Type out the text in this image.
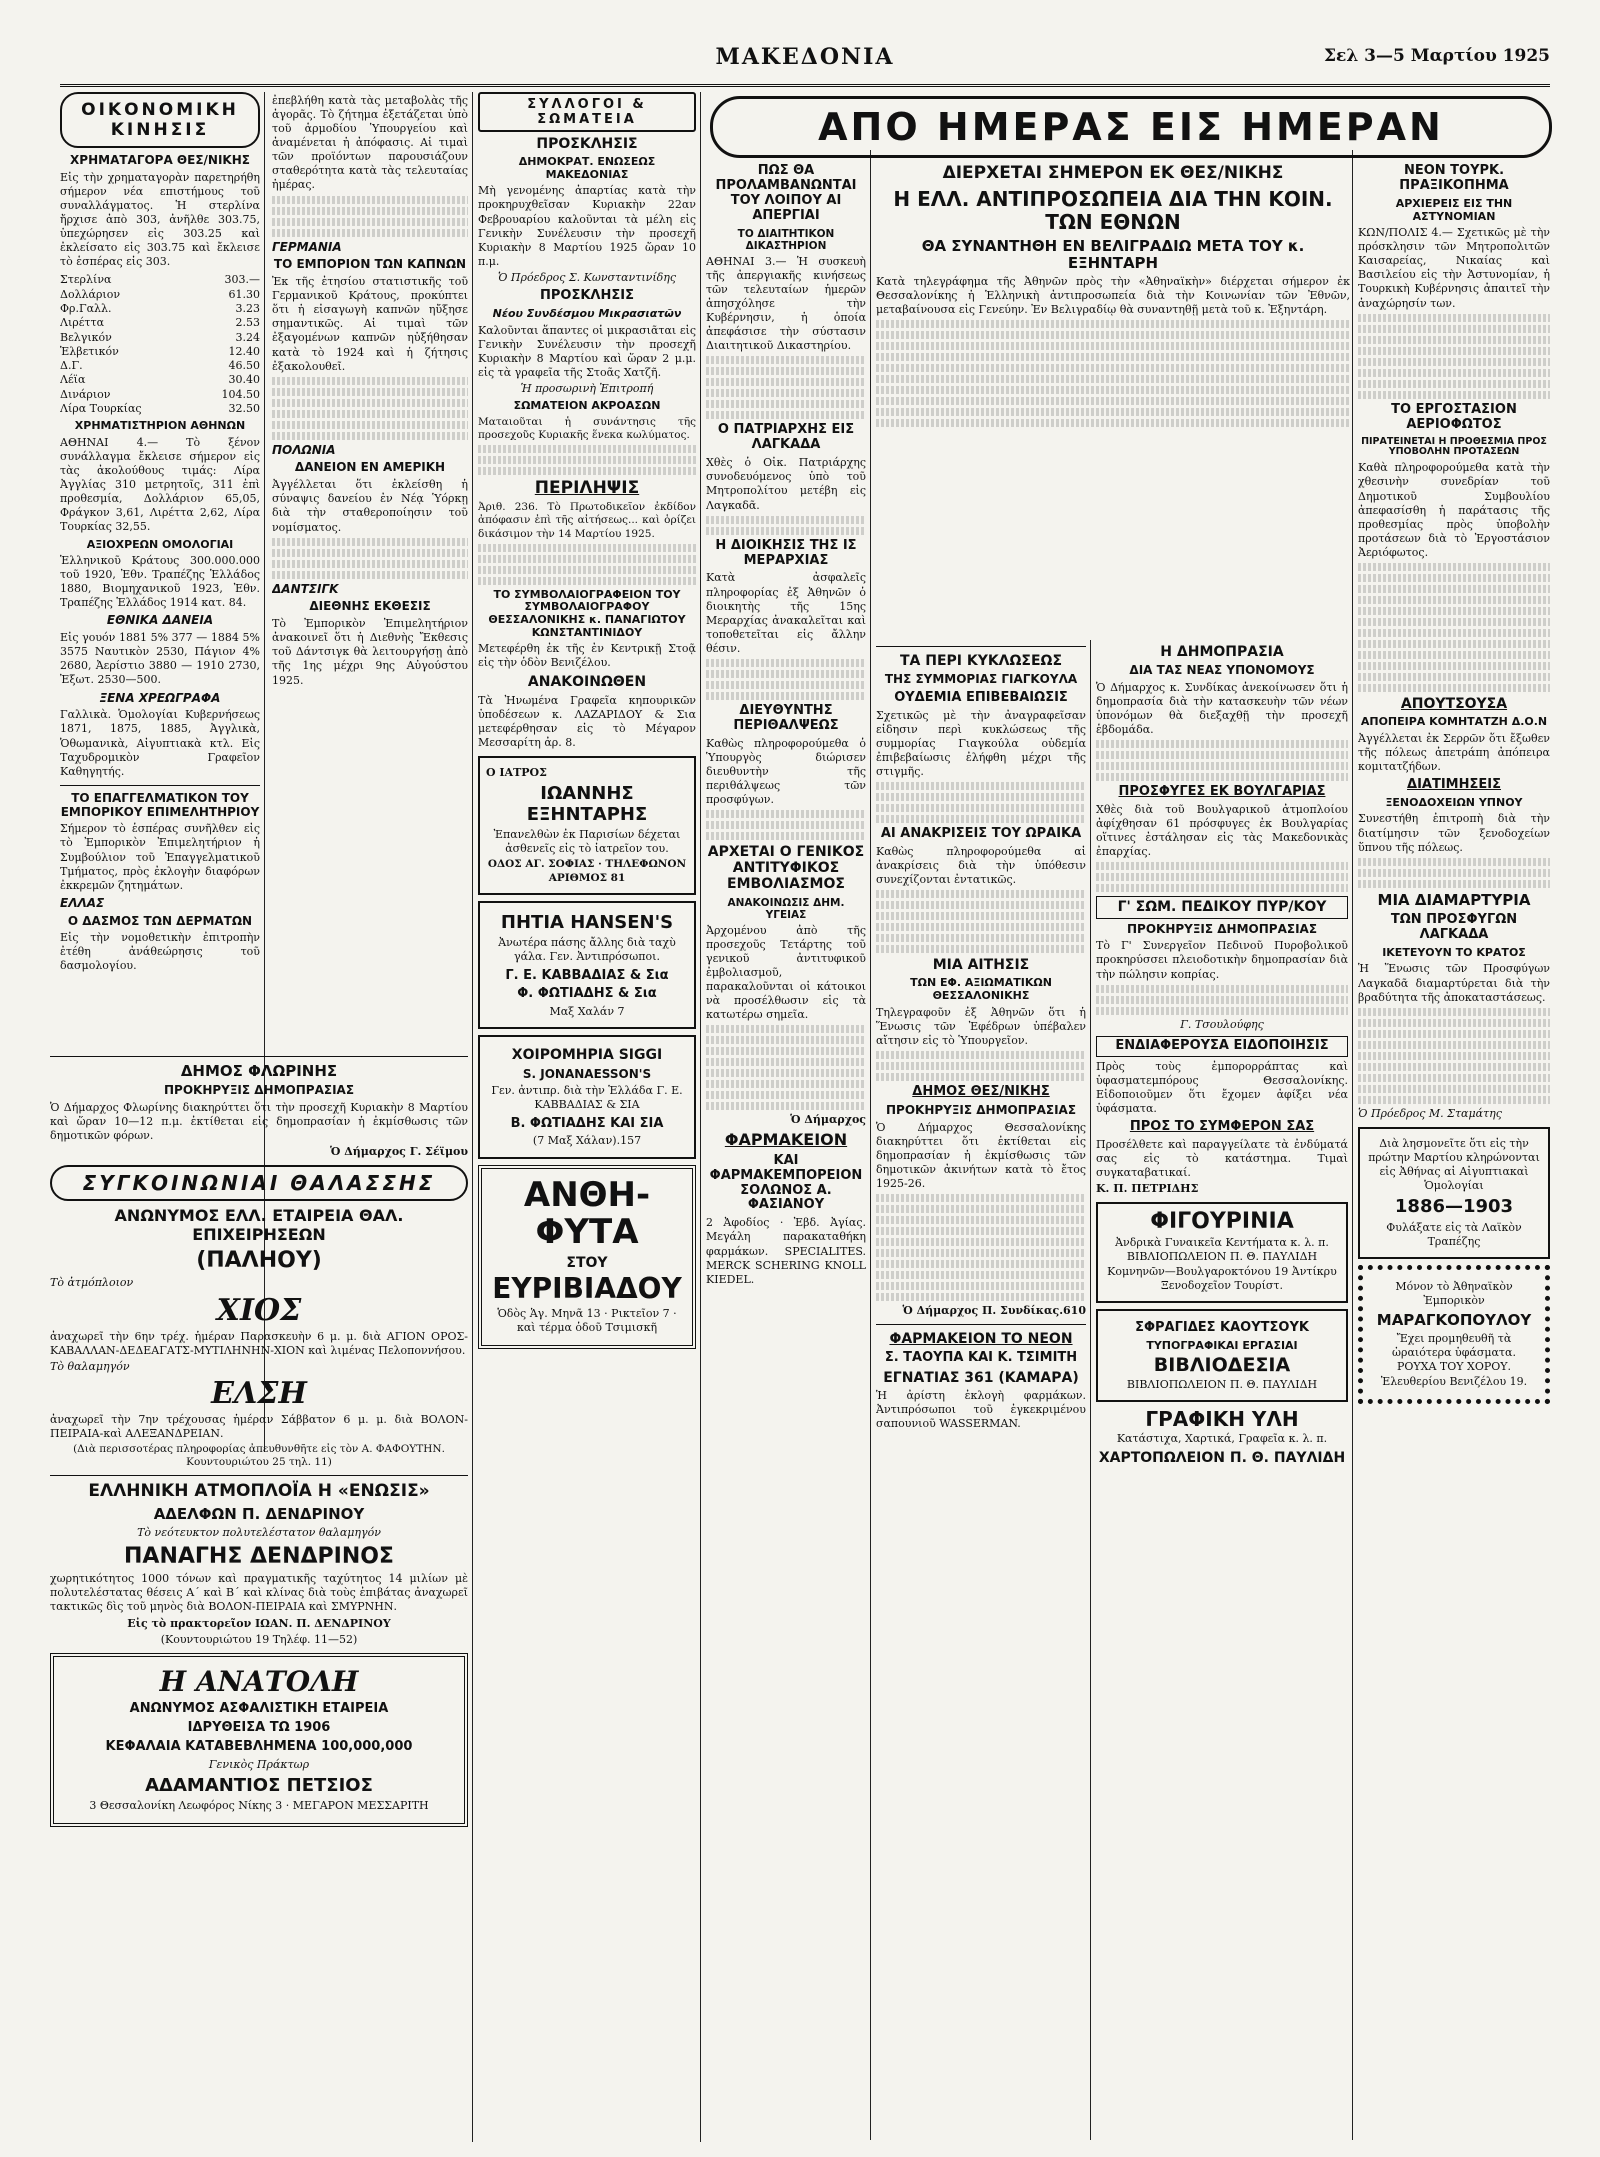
ΜΑΚΕΔΟΝΙΑ	Σελ 3—5 Μαρτίου 1925
ΟΙΚΟΝΟΜΙΚΗ ΚΙΝΗΣΙΣ
ΧΡΗΜΑΤΑΓΟΡΑ ΘΕΣ/ΝΙΚΗΣ
Εἰς τὴν χρηματαγορὰν παρετηρήθη σήμερον νέα επιστήμους τοῦ συναλλάγματος. Ἡ στερλίνα ἤρχισε ἀπὸ 303, ἀνῆλθε 303.75, ὑπεχώρησεν εἰς 303.25 καὶ ἐκλείσατο εἰς 303.75 καὶ ἔκλεισε τὸ ἑσπέρας εἰς 303.
Στερλίνα	303.—
Δολλάριον	61.30
Φρ.Γαλλ.	3.23
Λιρέττα	2.53
Βελγικόν	3.24
Ἑλβετικόν	12.40
Δ.Γ.	46.50
Λέϊα	30.40
Δινάριον	104.50
Λίρα Τουρκίας	32.50
ΧΡΗΜΑΤΙΣΤΗΡΙΟΝ ΑΘΗΝΩΝ
ΑΘΗΝΑΙ 4.— Τὸ ξένον συνάλλαγμα ἔκλεισε σήμερον εἰς τὰς ἀκολούθους τιμάς: Λίρα Ἀγγλίας 310 μετρητοῖς, 311 ἐπὶ προθεσμία, Δολλάριον 65,05, Φράγκον 3,61, Λιρέττα 2,62, Λίρα Τουρκίας 32,55.
ΑΞΙΟΧΡΕΩΝ ΟΜΟΛΟΓΙΑΙ
Ἑλληνικοῦ Κράτους 300.000.000 τοῦ 1920, Ἐθν. Τραπέζης Ἑλλάδος 1880, Βιομηχανικοῦ 1923, Ἐθν. Τραπέζης Ἑλλάδος 1914 κατ. 84.
ΕΘΝΙΚΑ ΔΑΝΕΙΑ
Εἰς γουόν 1881 5% 377 — 1884 5% 3575 Ναυτικὸν 2530, Πάγιον 4% 2680, Ἀερίστιο 3880 — 1910 2730, Ἐξωτ. 2530—500.
ΞΕΝΑ ΧΡΕΩΓΡΑΦΑ
Γαλλικὰ. Ὁμολογίαι Κυβερνήσεως 1871, 1875, 1885, Ἀγγλικὰ, Ὁθωμανικὰ, Αἰγυπτιακὰ κτλ. Εἰς Ταχυδρομικὸν Γραφεῖον Καθηγητής.
ΤΟ ΕΠΑΓΓΕΛΜΑΤΙΚΟΝ ΤΟΥ ΕΜΠΟΡΙΚΟΥ ΕΠΙΜΕΛΗΤΗΡΙΟΥ
Σήμερον τὸ ἑσπέρας συνῆλθεν εἰς τὸ Ἐμπορικὸν Ἐπιμελητήριον ἡ Συμβούλιον τοῦ Ἐπαγγελματικοῦ Τμήματος, πρὸς ἐκλογὴν διαφόρων ἐκκρεμῶν ζητημάτων.
ΕΛΛΑΣ
Ο ΔΑΣΜΟΣ ΤΩΝ ΔΕΡΜΑΤΩΝ
Εἰς τὴν νομοθετικὴν ἐπιτροπὴν ἐτέθη ἀνάθεώρησις τοῦ δασμολογίου.
ἐπεβλήθη κατὰ τὰς μεταβολὰς τῆς ἀγορᾶς. Τὸ ζήτημα ἐξετάζεται ὑπὸ τοῦ ἁρμοδίου Ὑπουργείου καὶ ἀναμένεται ἡ ἀπόφασις. Αἱ τιμαὶ τῶν προϊόντων παρουσιάζουν σταθερότητα κατὰ τὰς τελευταίας ἡμέρας.
ΓΕΡΜΑΝΙΑ
ΤΟ ΕΜΠΟΡΙΟΝ ΤΩΝ ΚΑΠΝΩΝ
Ἐκ τῆς ἐτησίου στατιστικῆς τοῦ Γερμανικοῦ Κράτους, προκύπτει ὅτι ἡ εἰσαγωγὴ καπνῶν ηὔξησε σημαντικῶς. Αἱ τιμαὶ τῶν ἐξαγομένων καπνῶν ηὐξήθησαν κατὰ τὸ 1924 καὶ ἡ ζήτησις ἐξακολουθεῖ.
ΠΟΛΩΝΙΑ
ΔΑΝΕΙΟΝ ΕΝ ΑΜΕΡΙΚΗ
Ἀγγέλλεται ὅτι ἐκλείσθη ἡ σύναψις δανείου ἐν Νέᾳ Ὑόρκῃ διὰ τὴν σταθεροποίησιν τοῦ νομίσματος.
ΔΑΝΤΣΙΓΚ
ΔΙΕΘΝΗΣ ΕΚΘΕΣΙΣ
Τὸ Ἐμπορικὸν Ἐπιμελητήριον ἀνακοινεῖ ὅτι ἡ Διεθνὴς Ἔκθεσις τοῦ Δάντσιγκ θὰ λειτουργήσῃ ἀπὸ τῆς 1ης μέχρι 9ης Αὐγούστου 1925.
ΔΗΜΟΣ ΦΛΩΡΙΝΗΣ
ΠΡΟΚΗΡΥΞΙΣ ΔΗΜΟΠΡΑΣΙΑΣ
Ὁ Δήμαρχος Φλωρίνης διακηρύττει ὅτι τὴν προσεχῆ Κυριακὴν 8 Μαρτίου καὶ ὥραν 10—12 π.μ. ἐκτίθεται εἰς δημοπρασίαν ἡ ἐκμίσθωσις τῶν δημοτικῶν φόρων.
Ὁ Δήμαρχος Γ. Σέϊμου
ΣΥΓΚΟΙΝΩΝΙΑΙ ΘΑΛΑΣΣΗΣ
ΑΝΩΝΥΜΟΣ ΕΛΛ. ΕΤΑΙΡΕΙΑ ΘΑΛ. ΕΠΙΧΕΙΡΗΣΕΩΝ
(ΠΑΛΗΟΥ)
Τὸ ἀτμόπλοιον
ΧΙΟΣ
ἀναχωρεῖ τὴν 6ην τρέχ. ἡμέραν Παρασκευὴν 6 μ. μ. διὰ ΑΓΙΟΝ ΟΡΟΣ-ΚΑΒΑΛΛΑΝ-ΔΕΔΕΑΓΑΤΣ-ΜΥΤΙΛΗΝΗΝ-ΧΙΟΝ καὶ λιμένας Πελοποννήσου.
Τὸ θαλαμηγόν
ΕΛΣΗ
ἀναχωρεῖ τὴν 7ην τρέχουσας ἡμέραν Σάββατον 6 μ. μ. διὰ ΒΟΛΟΝ-ΠΕΙΡΑΙΑ-καὶ ΑΛΕΞΑΝΔΡΕΙΑΝ.
(Διὰ περισσοτέρας πληροφορίας ἀπευθυνθῆτε εἰς τὸν Α. ΦΑΦΟΥΤΗΝ. Κουντουριώτου 25 τηλ. 11)
ΕΛΛΗΝΙΚΗ ΑΤΜΟΠΛΟΪΑ Η «ΕΝΩΣΙΣ»
ΑΔΕΛΦΩΝ Π. ΔΕΝΔΡΙΝΟΥ
Τὸ νεότευκτον πολυτελέστατον θαλαμηγόν
ΠΑΝΑΓΗΣ ΔΕΝΔΡΙΝΟΣ
χωρητικότητος 1000 τόνων καὶ πραγματικῆς ταχύτητος 14 μιλίων μὲ πολυτελέστατας θέσεις Α΄ καὶ Β΄ καὶ κλίνας διὰ τοὺς ἐπιβάτας ἀναχωρεῖ τακτικῶς δὶς τοῦ μηνὸς διὰ ΒΟΛΟΝ-ΠΕΙΡΑΙΑ καὶ ΣΜΥΡΝΗΝ.
Εἰς τὸ πρακτορεῖον ΙΩΑΝ. Π. ΔΕΝΔΡΙΝΟΥ
(Κουντουριώτου 19 Τηλέφ. 11—52)
Η ΑΝΑΤΟΛΗ
ΑΝΩΝΥΜΟΣ ΑΣΦΑΛΙΣΤΙΚΗ ΕΤΑΙΡΕΙΑ
ΙΔΡΥΘΕΙΣΑ ΤΩ 1906
ΚΕΦΑΛΑΙΑ ΚΑΤΑΒΕΒΛΗΜΕΝΑ 100,000,000
Γενικὸς Πράκτωρ
ΑΔΑΜΑΝΤΙΟΣ ΠΕΤΣΙΟΣ
3 Θεσσαλονίκη Λεωφόρος Νίκης 3 · ΜΕΓΑΡΟΝ ΜΕΣΣΑΡΙΤΗ
ΣΥΛΛΟΓΟΙ & ΣΩΜΑΤΕΙΑ
ΠΡΟΣΚΛΗΣΙΣ
ΔΗΜΟΚΡΑΤ. ΕΝΩΣΕΩΣ ΜΑΚΕΔΟΝΙΑΣ
Μὴ γενομένης ἀπαρτίας κατὰ τὴν προκηρυχθεῖσαν Κυριακὴν 22αν Φεβρουαρίου καλοῦνται τὰ μέλη εἰς Γενικὴν Συνέλευσιν τὴν προσεχῆ Κυριακὴν 8 Μαρτίου 1925 ὥραν 10 π.μ.
Ὁ Πρόεδρος Σ. Κωνσταντινίδης
ΠΡΟΣΚΛΗΣΙΣ
Νέου Συνδέσμου Μικρασιατῶν
Καλοῦνται ἅπαντες οἱ μικρασιᾶται εἰς Γενικὴν Συνέλευσιν τὴν προσεχῆ Κυριακὴν 8 Μαρτίου καὶ ὥραν 2 μ.μ. εἰς τὰ γραφεῖα τῆς Στοᾶς Χατζῆ.
Ἡ προσωρινὴ Ἐπιτροπή
ΣΩΜΑΤΕΙΟΝ ΑΚΡΟΑΣΩΝ
Ματαιοῦται ἡ συνάντησις τῆς προσεχοῦς Κυριακῆς ἕνεκα κωλύματος.
ΠΕΡΙΛΗΨΙΣ
Ἀριθ. 236. Τὸ Πρωτοδικεῖον ἐκδίδον ἀπόφασιν ἐπὶ τῆς αἰτήσεως... καὶ ὁρίζει δικάσιμον τὴν 14 Μαρτίου 1925.
ΤΟ ΣΥΜΒΟΛΑΙΟΓΡΑΦΕΙΟΝ ΤΟΥ ΣΥΜΒΟΛΑΙΟΓΡΑΦΟΥ ΘΕΣΣΑΛΟΝΙΚΗΣ κ. ΠΑΝΑΓΙΩΤΟΥ ΚΩΝΣΤΑΝΤΙΝΙΔΟΥ
Μετεφέρθη ἐκ τῆς ἐν Κεντρικῇ Στοᾷ εἰς τὴν ὁδὸν Βενιζέλου.
ΑΝΑΚΟΙΝΩΘΕΝ
Τὰ Ἠνωμένα Γραφεῖα κηπουρικῶν ὑποδέσεων κ. ΛΑΖΑΡΙΔΟΥ & Σια μετεφέρθησαν εἰς τὸ Μέγαρον Μεσσαρίτη ἀρ. 8.
Ο ΙΑΤΡΟΣ
ΙΩΑΝΝΗΣ ΕΞΗΝΤΑΡΗΣ
Ἐπανελθὼν ἐκ Παρισίων δέχεται ἀσθενεῖς εἰς τὸ ἰατρεῖον του.
ΟΔΟΣ ΑΓ. ΣΟΦΙΑΣ · ΤΗΛΕΦΩΝΟΝ ΑΡΙΘΜΟΣ 81
ΠΗΤΙΑ HANSEN'S
Ἀνωτέρα πάσης ἄλλης διὰ ταχὺ γάλα. Γεν. Ἀντιπρόσωποι.
Γ. Ε. ΚΑΒΒΑΔΙΑΣ & Σια
Φ. ΦΩΤΙΑΔΗΣ & Σια
Μαξ Χαλάν 7
ΧΟΙΡΟΜΗΡΙΑ SIGGI
S. JONANAESSON'S
Γεν. ἀντιπρ. διὰ τὴν Ἑλλάδα Γ. Ε. ΚΑΒΒΑΔΙΑΣ & ΣΙΑ
Β. ΦΩΤΙΑΔΗΣ ΚΑΙ ΣΙΑ
(7 Μαξ Χάλαν).157
ΑΝΘΗ-ΦΥΤΑ
ΣΤΟΥ
ΕΥΡΙΒΙΑΔΟΥ
Ὁδὸς Ἁγ. Μηνᾶ 13 · Ρικτεῖον 7 · καὶ τέρμα ὁδοῦ Τσιμισκῆ
ΑΠΟ ΗΜΕΡΑΣ ΕΙΣ ΗΜΕΡΑΝ
ΠΩΣ ΘΑ ΠΡΟΛΑΜΒΑΝΩΝΤΑΙ ΤΟΥ ΛΟΙΠΟΥ ΑΙ ΑΠΕΡΓΙΑΙ
ΤΟ ΔΙΑΙΤΗΤΙΚΟΝ ΔΙΚΑΣΤΗΡΙΟΝ
ΑΘΗΝΑΙ 3.— Ἡ συσκευὴ τῆς ἀπεργιακῆς κινήσεως τῶν τελευταίων ἡμερῶν ἀπησχόλησε τὴν Κυβέρνησιν, ἡ ὁποία ἀπεφάσισε τὴν σύστασιν Διαιτητικοῦ Δικαστηρίου.
Ο ΠΑΤΡΙΑΡΧΗΣ ΕΙΣ ΛΑΓΚΑΔΑ
Χθὲς ὁ Οἰκ. Πατριάρχης συνοδευόμενος ὑπὸ τοῦ Μητροπολίτου μετέβη εἰς Λαγκαδᾶ.
Η ΔΙΟΙΚΗΣΙΣ ΤΗΣ ΙΣ ΜΕΡΑΡΧΙΑΣ
Κατὰ ἀσφαλεῖς πληροφορίας ἐξ Ἀθηνῶν ὁ διοικητὴς τῆς 15ης Μεραρχίας ἀνακαλεῖται καὶ τοποθετεῖται εἰς ἄλλην θέσιν.
ΔΙΕΥΘΥΝΤΗΣ ΠΕΡΙΘΑΛΨΕΩΣ
Καθὼς πληροφορούμεθα ὁ Ὑπουργὸς διώρισεν διευθυντὴν τῆς περιθάλψεως τῶν προσφύγων.
ΑΡΧΕΤΑΙ Ο ΓΕΝΙΚΟΣ ΑΝΤΙΤΥΦΙΚΟΣ ΕΜΒΟΛΙΑΣΜΟΣ
ΑΝΑΚΟΙΝΩΣΙΣ ΔΗΜ. ΥΓΕΙΑΣ
Ἀρχομένου ἀπὸ τῆς προσεχοῦς Τετάρτης τοῦ γενικοῦ ἀντιτυφικοῦ ἐμβολιασμοῦ, παρακαλοῦνται οἱ κάτοικοι νὰ προσέλθωσιν εἰς τὰ κατωτέρω σημεῖα.
Ὁ Δήμαρχος
ΦΑΡΜΑΚΕΙΟΝ
ΚΑΙ ΦΑΡΜΑΚΕΜΠΟΡΕΙΟΝ ΣΟΛΩΝΟΣ Α. ΦΑΣΙΑΝΟΥ
2 Ἀφοδίος · Ἐβδ. Ἀγίας. Μεγάλη παρακαταθήκη φαρμάκων. SPECIALITES. MERCK SCHERING KNOLL KIEDEL.
ΔΙΕΡΧΕΤΑΙ ΣΗΜΕΡΟΝ ΕΚ ΘΕΣ/ΝΙΚΗΣ
Η ΕΛΛ. ΑΝΤΙΠΡΟΣΩΠΕΙΑ ΔΙΑ ΤΗΝ ΚΟΙΝ. ΤΩΝ ΕΘΝΩΝ
ΘΑ ΣΥΝΑΝΤΗΘΗ ΕΝ ΒΕΛΙΓΡΑΔΙΩ ΜΕΤΑ ΤΟΥ κ. ΕΞΗΝΤΑΡΗ
Κατὰ τηλεγράφημα τῆς Ἀθηνῶν πρὸς τὴν «Ἀθηναϊκὴν» διέρχεται σήμερον ἐκ Θεσσαλονίκης ἡ Ἑλληνικὴ ἀντιπροσωπεία διὰ τὴν Κοινωνίαν τῶν Ἐθνῶν, μεταβαίνουσα εἰς Γενεύην. Ἐν Βελιγραδίῳ θὰ συναντηθῇ μετὰ τοῦ κ. Ἐξηντάρη.
ΤΑ ΠΕΡΙ ΚΥΚΛΩΣΕΩΣ
ΤΗΣ ΣΥΜΜΟΡΙΑΣ ΓΙΑΓΚΟΥΛΑ
ΟΥΔΕΜΙΑ ΕΠΙΒΕΒΑΙΩΣΙΣ
Σχετικῶς μὲ τὴν ἀναγραφεῖσαν εἰδησιν περὶ κυκλώσεως τῆς συμμορίας Γιαγκούλα οὐδεμία ἐπιβεβαίωσις ἐλήφθη μέχρι τῆς στιγμῆς.
ΑΙ ΑΝΑΚΡΙΣΕΙΣ ΤΟΥ ΩΡΑΙΚΑ
Καθὼς πληροφορούμεθα αἱ ἀνακρίσεις διὰ τὴν ὑπόθεσιν συνεχίζονται ἐντατικῶς.
ΜΙΑ ΑΙΤΗΣΙΣ
ΤΩΝ ΕΦ. ΑΞΙΩΜΑΤΙΚΩΝ ΘΕΣΣΑΛΟΝΙΚΗΣ
Τηλεγραφοῦν ἐξ Ἀθηνῶν ὅτι ἡ Ἕνωσις τῶν Ἐφέδρων ὑπέβαλεν αἴτησιν εἰς τὸ Ὑπουργεῖον.
ΔΗΜΟΣ ΘΕΣ/ΝΙΚΗΣ
ΠΡΟΚΗΡΥΞΙΣ ΔΗΜΟΠΡΑΣΙΑΣ
Ὁ Δήμαρχος Θεσσαλονίκης διακηρύττει ὅτι ἐκτίθεται εἰς δημοπρασίαν ἡ ἐκμίσθωσις τῶν δημοτικῶν ἀκινήτων κατὰ τὸ ἔτος 1925-26.
Ὁ Δήμαρχος Π. Συνδίκας.610
ΦΑΡΜΑΚΕΙΟΝ ΤΟ ΝΕΟΝ
Σ. ΤΑΟΥΠΑ ΚΑΙ Κ. ΤΣΙΜΙΤΗ
ΕΓΝΑΤΙΑΣ 361 (ΚΑΜΑΡΑ)
Ἡ ἀρίστη ἐκλογὴ φαρμάκων. Ἀντιπρόσωποι τοῦ ἐγκεκριμένου σαπουνιοῦ WASSERMAN.
Η ΔΗΜΟΠΡΑΣΙΑ
ΔΙΑ ΤΑΣ ΝΕΑΣ ΥΠΟΝΟΜΟΥΣ
Ὁ Δήμαρχος κ. Συνδίκας ἀνεκοίνωσεν ὅτι ἡ δημοπρασία διὰ τὴν κατασκευὴν τῶν νέων ὑπονόμων θὰ διεξαχθῇ τὴν προσεχῆ ἑβδομάδα.
ΠΡΟΣΦΥΓΕΣ ΕΚ ΒΟΥΛΓΑΡΙΑΣ
Χθὲς διὰ τοῦ Βουλγαρικοῦ ἀτμοπλοίου ἀφίχθησαν 61 πρόσφυγες ἐκ Βουλγαρίας οἵτινες ἐστάλησαν εἰς τὰς Μακεδονικὰς ἐπαρχίας.
Γ' ΣΩΜ. ΠΕΔΙΚΟΥ ΠΥΡ/ΚΟΥ
ΠΡΟΚΗΡΥΞΙΣ ΔΗΜΟΠΡΑΣΙΑΣ
Τὸ Γ' Συνεργεῖον Πεδινοῦ Πυροβολικοῦ προκηρύσσει πλειοδοτικὴν δημοπρασίαν διὰ τὴν πώλησιν κοπρίας.
Γ. Τσουλούφης
ΕΝΔΙΑΦΕΡΟΥΣΑ ΕΙΔΟΠΟΙΗΣΙΣ
Πρὸς τοὺς ἐμπορορράπτας καὶ ὑφασματεμπόρους Θεσσαλονίκης. Εἰδοποιοῦμεν ὅτι ἔχομεν ἀφίξει νέα ὑφάσματα.
ΠΡΟΣ ΤΟ ΣΥΜΦΕΡΟΝ ΣΑΣ
Προσέλθετε καὶ παραγγείλατε τὰ ἐνδύματά σας εἰς τὸ κατάστημα. Τιμαὶ συγκαταβατικαί.
Κ. Π. ΠΕΤΡΙΔΗΣ
ΦΙΓΟΥΡΙΝΙΑ
Ἀνδρικὰ Γυναικεῖα Κεντήματα κ. λ. π. ΒΙΒΛΙΟΠΩΛΕΙΟΝ Π. Θ. ΠΑΥΛΙΔΗ Κομνηνῶν—Βουλγαροκτόνου 19 Ἀντίκρυ Ξενοδοχεῖον Τουρίστ.
ΣΦΡΑΓΙΔΕΣ ΚΑΟΥΤΣΟΥΚ
ΤΥΠΟΓΡΑΦΙΚΑΙ ΕΡΓΑΣΙΑΙ
ΒΙΒΛΙΟΔΕΣΙΑ
ΒΙΒΛΙΟΠΩΛΕΙΟΝ Π. Θ. ΠΑΥΛΙΔΗ
ΓΡΑΦΙΚΗ ΥΛΗ
Κατάστιχα, Χαρτικά, Γραφεῖα κ. λ. π.
ΧΑΡΤΟΠΩΛΕΙΟΝ Π. Θ. ΠΑΥΛΙΔΗ
ΝΕΟΝ ΤΟΥΡΚ. ΠΡΑΞΙΚΟΠΗΜΑ
ΑΡΧΙΕΡΕΙΣ ΕΙΣ ΤΗΝ ΑΣΤΥΝΟΜΙΑΝ
ΚΩΝ/ΠΟΛΙΣ 4.— Σχετικῶς μὲ τὴν πρόσκλησιν τῶν Μητροπολιτῶν Καισαρείας, Νικαίας καὶ Βασιλείου εἰς τὴν Ἀστυνομίαν, ἡ Τουρκικὴ Κυβέρνησις ἀπαιτεῖ τὴν ἀναχώρησίν των.
ΤΟ ΕΡΓΟΣΤΑΣΙΟΝ ΑΕΡΙΟΦΩΤΟΣ
ΠΙΡΑΤΕΙΝΕΤΑΙ Η ΠΡΟΘΕΣΜΙΑ ΠΡΟΣ ΥΠΟΒΟΛΗΝ ΠΡΟΤΑΣΕΩΝ
Καθὰ πληροφορούμεθα κατὰ τὴν χθεσινὴν συνεδρίαν τοῦ Δημοτικοῦ Συμβουλίου ἀπεφασίσθη ἡ παράτασις τῆς προθεσμίας πρὸς ὑποβολὴν προτάσεων διὰ τὸ Ἐργοστάσιον Ἀεριόφωτος.
ΑΠΟΥΤΣΟΥΣΑ
ΑΠΟΠΕΙΡΑ ΚΟΜΗΤΑΤΖΗ Δ.Ο.Ν
Ἀγγέλλεται ἐκ Σερρῶν ὅτι ἔξωθεν τῆς πόλεως ἀπετράπη ἀπόπειρα κομιτατζήδων.
ΔΙΑΤΙΜΗΣΕΙΣ
ΞΕΝΟΔΟΧΕΙΩΝ ΥΠΝΟΥ
Συνεστήθη ἐπιτροπὴ διὰ τὴν διατίμησιν τῶν ξενοδοχείων ὕπνου τῆς πόλεως.
ΜΙΑ ΔΙΑΜΑΡΤΥΡΙΑ
ΤΩΝ ΠΡΟΣΦΥΓΩΝ ΛΑΓΚΑΔΑ
ΙΚΕΤΕΥΟΥΝ ΤΟ ΚΡΑΤΟΣ
Ἡ Ἕνωσις τῶν Προσφύγων Λαγκαδᾶ διαμαρτύρεται διὰ τὴν βραδύτητα τῆς ἀποκαταστάσεως.
Ὁ Πρόεδρος Μ. Σταμάτης
Διὰ λησμονεῖτε ὅτι εἰς τὴν πρώτην Μαρτίου κληρώνονται εἰς Ἀθήνας αἱ Αἰγυπτιακαὶ Ὁμολογίαι
1886—1903
Φυλάξατε εἰς τὰ Λαϊκὸν Τραπέζης
Μόνον τὸ Ἀθηναϊκὸν Ἐμπορικὸν
ΜΑΡΑΓΚΟΠΟΥΛΟΥ
Ἔχει προμηθευθῆ τὰ ὡραιότερα ὑφάσματα. ΡΟΥΧΑ ΤΟΥ ΧΟΡΟΥ. Ἐλευθερίου Βενιζέλου 19.
